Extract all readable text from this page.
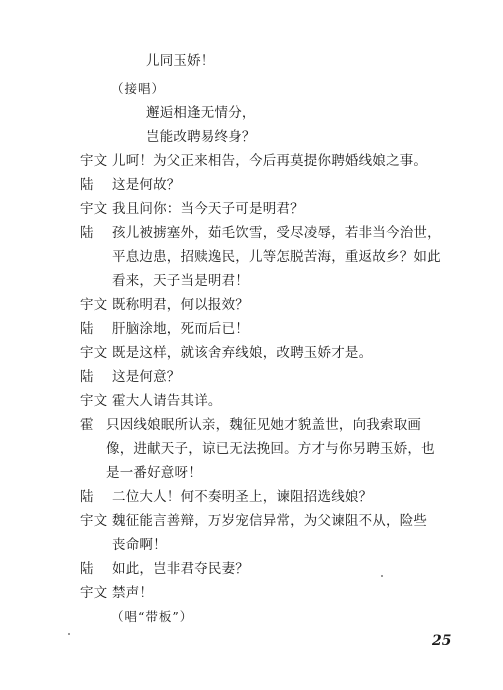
儿同玉娇！
（接唱）
邂逅相逢无情分，
岂能改聘易终身？
宇文 儿呵！为父正来相告，今后再莫提你聘婚线娘之事。
陆 这是何故？
宇文 我且问你：当今天子可是明君？
陆 孩儿被掳塞外，茹毛饮雪，受尽凌辱，若非当今治世，
平息边患，招赎逸民，儿等怎脱苦海，重返故乡？如此
看来，天子当是明君！
宇文 既称明君，何以报效？
陆 肝脑涂地，死而后已！
宇文 既是这样，就该舍弃线娘，改聘玉娇才是。
陆 这是何意？
宇文 霍大人请告其详。
霍 只因线娘眠所认亲，魏征见她才貌盖世，向我索取画
像，进献天子，谅已无法挽回。方才与你另聘玉娇，也
是一番好意呀！
陆 二位大人！何不奏明圣上，谏阻招选线娘？
宇文 魏征能言善辩，万岁宠信异常，为父谏阻不从，险些
丧命啊！
陆 如此，岂非君夺民妻？
宇文 禁声！
（唱“带板”）
25
